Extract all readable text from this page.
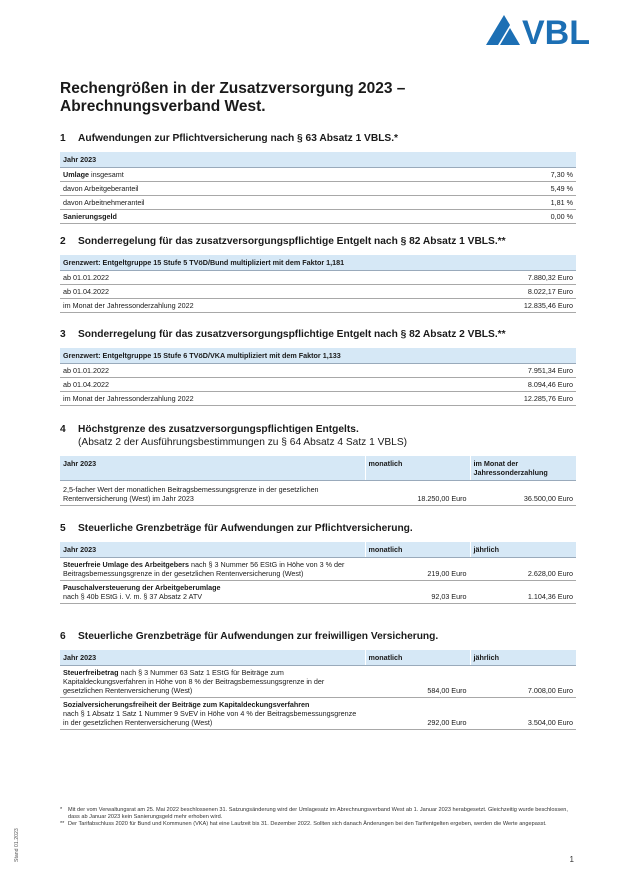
VBL
Rechengrößen in der Zusatzversorgung 2023 –
Abrechnungsverband West.
1	Aufwendungen zur Pflichtversicherung nach § 63 Absatz 1 VBLS.*
Jahr 2023	
Umlage insgesamt	7,30 %
davon Arbeitgeberanteil	5,49 %
davon Arbeitnehmeranteil	1,81 %
Sanierungsgeld	0,00 %
2	Sonderregelung für das zusatzversorgungspflichtige Entgelt nach § 82 Absatz 1 VBLS.**
Grenzwert: Entgeltgruppe 15 Stufe 5 TVöD/Bund multipliziert mit dem Faktor 1,181	
ab 01.01.2022	7.880,32 Euro
ab 01.04.2022	8.022,17 Euro
im Monat der Jahressonderzahlung 2022	12.835,46 Euro
3	Sonderregelung für das zusatzversorgungspflichtige Entgelt nach § 82 Absatz 2 VBLS.**
Grenzwert: Entgeltgruppe 15 Stufe 6 TVöD/VKA multipliziert mit dem Faktor 1,133	
ab 01.01.2022	7.951,34 Euro
ab 01.04.2022	8.094,46 Euro
im Monat der Jahressonderzahlung 2022	12.285,76 Euro
4	Höchstgrenze des zusatzversorgungspflichtigen Entgelts.
(Absatz 2 der Ausführungsbestimmungen zu § 64 Absatz 4 Satz 1 VBLS)
Jahr 2023	monatlich	im Monat der Jahressonderzahlung
2,5-facher Wert der monatlichen Beitragsbemessungsgrenze in der gesetzlichen Rentenversicherung (West) im Jahr 2023	18.250,00 Euro	36.500,00 Euro
5	Steuerliche Grenzbeträge für Aufwendungen zur Pflichtversicherung.
Jahr 2023	monatlich	jährlich
Steuerfreie Umlage des Arbeitgebers nach § 3 Nummer 56 EStG in Höhe von 3 % der Beitragsbemessungsgrenze in der gesetzlichen Rentenversicherung (West)	219,00 Euro	2.628,00 Euro
Pauschalversteuerung der Arbeitgeberumlage
nach § 40b EStG i. V. m. § 37 Absatz 2 ATV	92,03 Euro	1.104,36 Euro
6	Steuerliche Grenzbeträge für Aufwendungen zur freiwilligen Versicherung.
Jahr 2023	monatlich	jährlich
Steuerfreibetrag nach § 3 Nummer 63 Satz 1 EStG für Beiträge zum Kapitaldeckungsverfahren in Höhe von 8 % der Beitragsbemessungsgrenze in der gesetzlichen Rentenversicherung (West)	584,00 Euro	7.008,00 Euro
Sozialversicherungsfreiheit der Beiträge zum Kapitaldeckungsverfahren
nach § 1 Absatz 1 Satz 1 Nummer 9 SvEV in Höhe von 4 % der Beitragsbemessungsgrenze in der gesetzlichen Rentenversicherung (West)	292,00 Euro	3.504,00 Euro
*	Mit der vom Verwaltungsrat am 25. Mai 2022 beschlossenen 31. Satzungsänderung wird der Umlagesatz im Abrechnungsverband West ab 1. Januar 2023 herabgesetzt. Gleichzeitig wurde beschlossen, dass ab Januar 2023 kein Sanierungsgeld mehr erhoben wird.
** Der Tarifabschluss 2020 für Bund und Kommunen (VKA) hat eine Laufzeit bis 31. Dezember 2022. Sollten sich danach Änderungen bei den Tarifentgelten ergeben, werden die Werte angepasst.
Stand 01.2023	1
